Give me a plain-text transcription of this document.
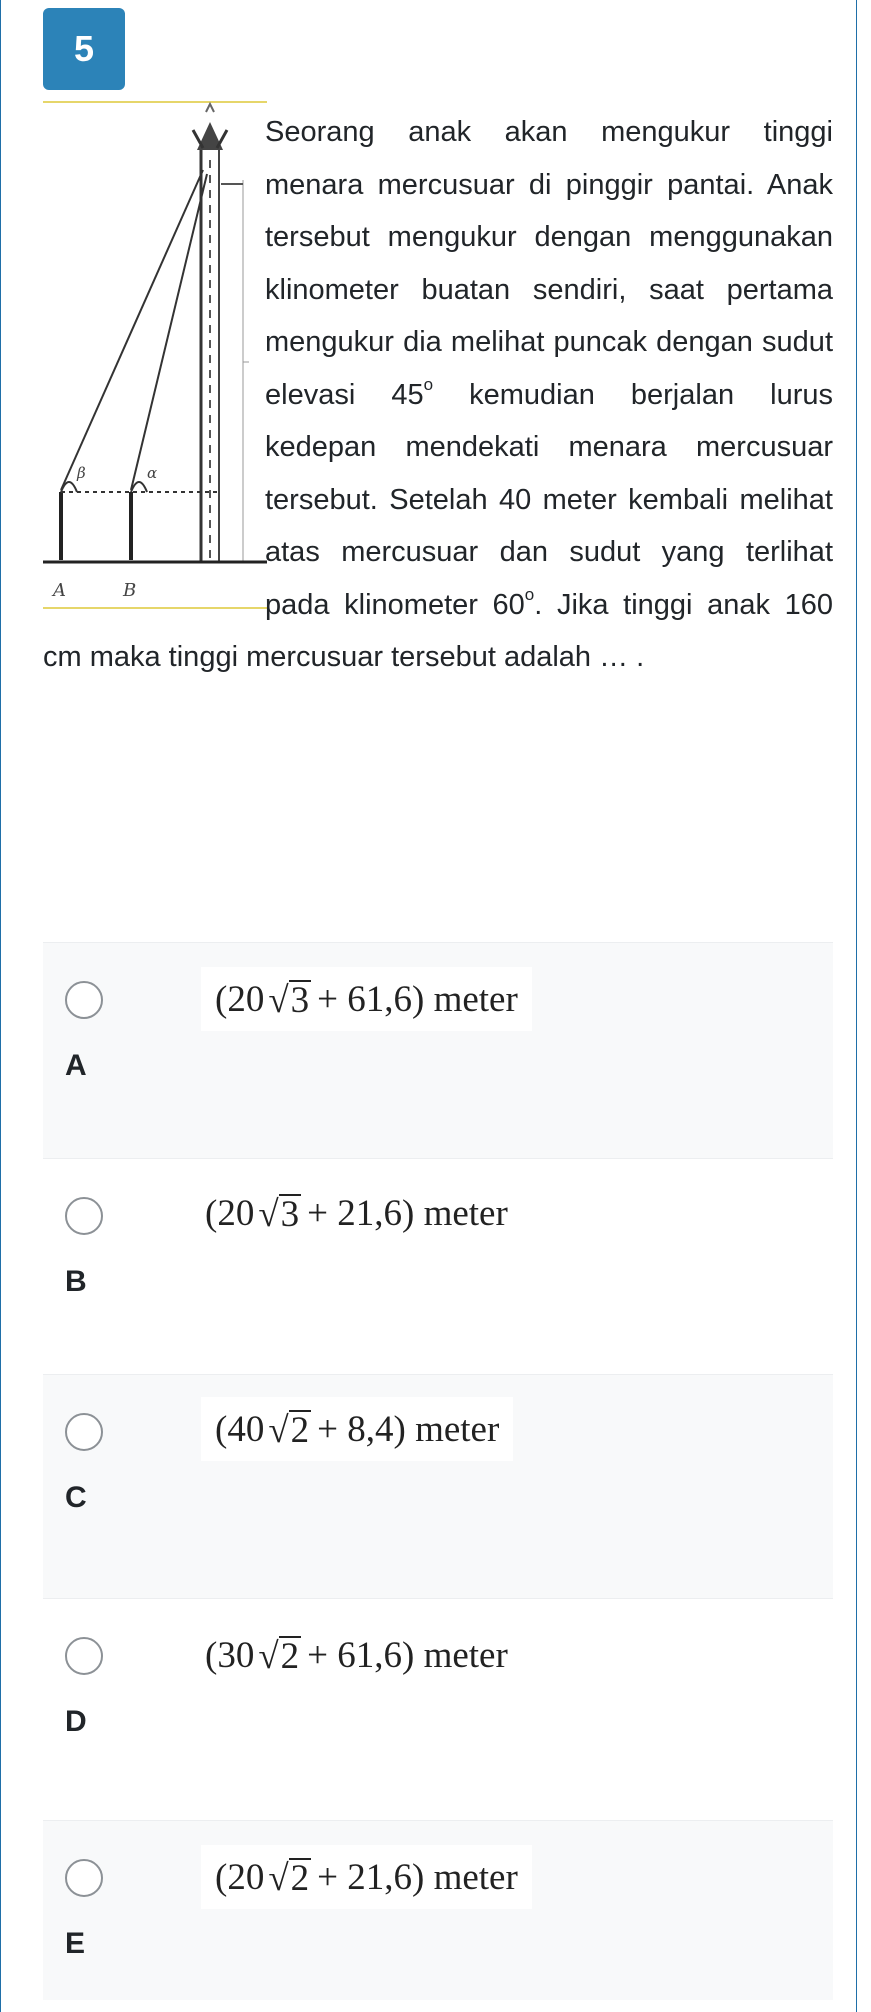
5
β	α
A	B

Seorang anak akan mengukur tinggi menara mercusuar di pinggir pantai. Anak tersebut mengukur dengan menggunakan klinometer buatan sendiri, saat pertama mengukur dia melihat puncak dengan sudut elevasi 45$^o$ kemudian berjalan lurus kedepan mendekati menara mercusuar tersebut. Setelah 40 meter kembali melihat atas mercusuar dan sudut yang terlihat pada klinometer 60$^o$. Jika tinggi anak 160 cm maka tinggi mercusuar tersebut adalah … .

(20 √ 3 + 61,6) meter
A
(20 √ 3 + 21,6) meter
B
(40 √ 2 + 8,4) meter
C
(30 √ 2 + 61,6) meter
D
(20 √ 2 + 21,6) meter
E
